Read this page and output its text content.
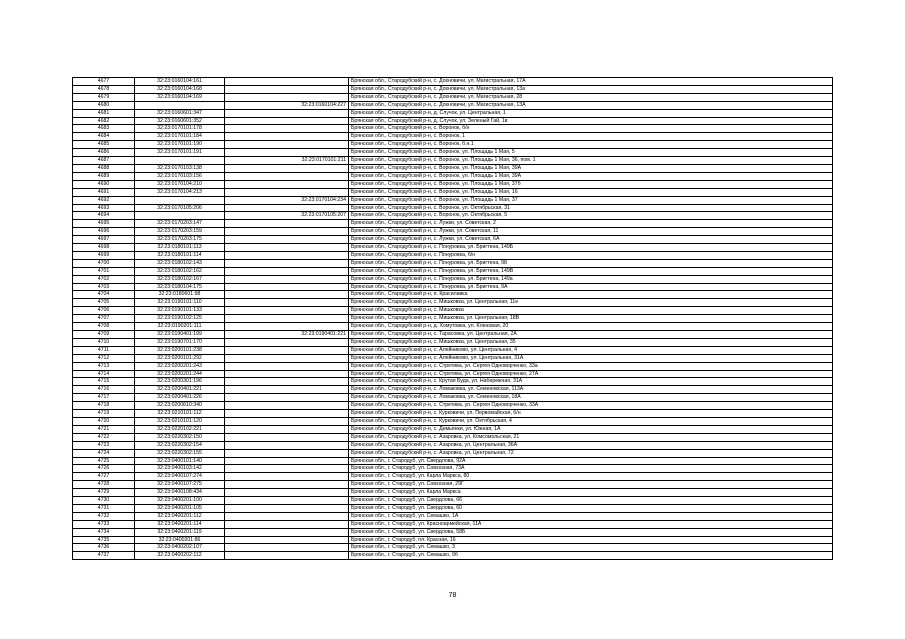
4677	32:23:0160104:161		Брянская обл., Стародубский р-н, с. Дохновичи, ул. Магистральная, 17А
4678	32:23:0160104:168		Брянская обл., Стародубский р-н, с. Дохновичи, ул. Магистральная, 13а
4679	32:23:0160104:169		Брянская обл., Стародубский р-н, с. Дохновичи, ул. Магистральная, 28
4680		32:23:0160104:227	Брянская обл., Стародубский р-н, с. Дохновичи, ул. Магистральная, 13А
4681	32:23:0160601:347		Брянская обл., Стародубский р-н, д. Случок, ул. Центральная, 1
4682	32:23:0160601:352		Брянская обл., Стародубский р-н, д. Случок, ул. Зеленый Гай, 1в
4683	32:23:0170101:178		Брянская обл., Стародубский р-н, с. Воронок, б/н
4684	32:23:0170101:184		Брянская обл., Стародубский р-н, с. Воронок, 1
4685	32:23:0170101:190		Брянская обл., Стародубский р-н, с. Воронок, б.н.1
4686	32:23:0170101:191		Брянская обл., Стародубский р-н, с. Воронок, ул. Площадь 1 Мая, 5
4687		32:23:0170101:211	Брянская обл., Стародубский р-н, с. Воронок, ул. Площадь 1 Мая, 36, пом. 1
4688	32:23:0170103:138		Брянская обл., Стародубский р-н, с. Воронок, ул. Площадь 1 Мая, 39А
4689	32:23:0170103:156		Брянская обл., Стародубский р-н, с. Воронок, ул. Площадь 1 Мая, 39А
4690	32:23:0170104:210		Брянская обл., Стародубский р-н, с. Воронок, ул. Площадь 1 Мая, 37б
4691	32:23:0170104:213		Брянская обл., Стародубский р-н, с. Воронок, ул. Площадь 1 Мая, 16
4692		32:23:0170104:234	Брянская обл., Стародубский р-н, с. Воронок, ул. Площадь 1 Мая, 37
4693	32:23:0170105:206		Брянская обл., Стародубский р-н, с. Воронок, ул. Октябрьская, 31
4694		32:23:0170105:207	Брянская обл., Стародубский р-н, с. Воронок, ул. Октябрьская, 5
4695	32:23:0170203:147		Брянская обл., Стародубский р-н, с. Лужки, ул. Советская, 2
4696	32:23:0170203:159		Брянская обл., Стародубский р-н, с. Лужки, ул. Советская, 11
4697	32:23:0170203:175		Брянская обл., Стародубский р-н, с. Лужки, ул. Советская, 6А
4698	32:23:0180101:113		Брянская обл., Стародубский р-н, с. Понуровка, ул. Бригтена, 149Б
4699	32:23:0180101:114		Брянская обл., Стародубский р-н, с. Понуровка, б/н
4700	32:23:0180102:143		Брянская обл., Стародубский р-н, с. Понуровка, ул. Бригтена, 98
4701	32:23:0180102:162		Брянская обл., Стародубский р-н, с. Понуровка, ул. Бригтена, 149В
4702	32:23:0180102:167		Брянская обл., Стародубский р-н, с. Понуровка, ул. Бригтена, 149а
4703	32:23:0180104:175		Брянская обл., Стародубский р-н, с. Понуровка, ул. Бригтена, 9А
4704	32:23:0180601:98		Брянская обл., Стародубский р-н, п. Красилавка
4705	32:23:0190101:110		Брянская обл., Стародубский р-н, с. Мишковка, ул. Центральная, 11е
4706	32:23:0190101:133		Брянская обл., Стародубский р-н, с. Мишковка
4707	32:23:0190102:125		Брянская обл., Стародубский р-н, с. Мишковка, ул. Центральная, 18В
4708	32:23:0190201:111		Брянская обл., Стародубский р-н, д. Хомутовка, ул. Кленовая, 20
4709	32:23:0190401:199	32:23:0190401:221	Брянская обл., Стародубский р-н, с. Тарасовка, ул. Центральная, 2А
4710	32:23:0190701:170		Брянская обл., Стародубский р-н, с. Мишковка, ул. Центральная, 35
4711	32:23:0200101:238		Брянская обл., Стародубский р-н, с. Алейниково, ул. Центральная, 4
4712	32:23:0200101:292		Брянская обл., Стародубский р-н, с. Алейниково, ул. Центральная, 31А
4713	32:23:0200201:243		Брянская обл., Стародубский р-н, с. Стретива, ул. Сергея Одноворченко, 33а
4714	32:23:0200201:244		Брянская обл., Стародубский р-н, с. Стретива, ул. Сергея Одноворченко, 27А
4715	32:23:0200301:196		Брянская обл., Стародубский р-н, с. Крутая Буда, ул. Набережная, 31А
4716	32:23:0200401:221		Брянская обл., Стародубский р-н, с. Ломаковка, ул. Семеновская, 113А
4717	32:23:0200401:226		Брянская обл., Стародубский р-н, с. Ломаковка, ул. Семеновская, 18А
4718	32:23:0200610:340		Брянская обл., Стародубский р-н, с. Стретива, ул. Сергея Одноворченко, 33А
4719	32:23:0210101:112		Брянская обл., Стародубский р-н, с. Курковичи, ул. Первомайская, б/н
4720	32:23:0210101:120		Брянская обл., Стародубский р-н, с. Курковичи, ул. Октябрьская, 4
4721	32:23:0220102:221		Брянская обл., Стародубский р-н, с. Демьянки, ул. Южная, 1А
4722	32:23:0220302:150		Брянская обл., Стародубский р-н, с. Азаровка, ул. Комсомольская, 21
4723	32:23:0220302:154		Брянская обл., Стародубский р-н, с. Азаровка, ул. Центральная, 36А
4724	32:23:0220302:155		Брянская обл., Стародубский р-н, с. Азаровка, ул. Центральная, 72
4725	32:23:0400101:140		Брянская обл., г. Стародуб, ул. Свердлова, 92А
4726	32:23:0400103:142		Брянская обл., г. Стародуб, ул. Совхозная, 73А
4727	32:23:0400107:274		Брянская обл., г. Стародуб, ул. Карла Маркса, 80
4728	32:23:0400107:275		Брянская обл., г. Стародуб, ул. Совхозная, 29Г
4729	32:23:0400108:434		Брянская обл., г. Стародуб, ул. Карла Маркса
4730	32:23:0400201:100		Брянская обл., г. Стародуб, ул. Свердлова, 66
4731	32:23:0400201:105		Брянская обл., г. Стародуб, ул. Свердлова, 60
4732	32:23:0400201:112		Брянская обл., г. Стародуб, ул. Семашко, 1А
4733	32:23:0400201:114		Брянская обл., г. Стародуб, ул. Красноармейская, 11А
4734	32:23:0400201:119		Брянская обл., г. Стародуб, ул. Свердлова, 58Б
4735	32:23:0400201:86		Брянская обл., г. Стародуб, пл. Красная, 16
4736	32:23:0400202:107		Брянская обл., г. Стародуб, ул. Семашко, 3
4737	32:23:0400202:112		Брянская обл., г. Стародуб, ул. Семашко, 9б
78
